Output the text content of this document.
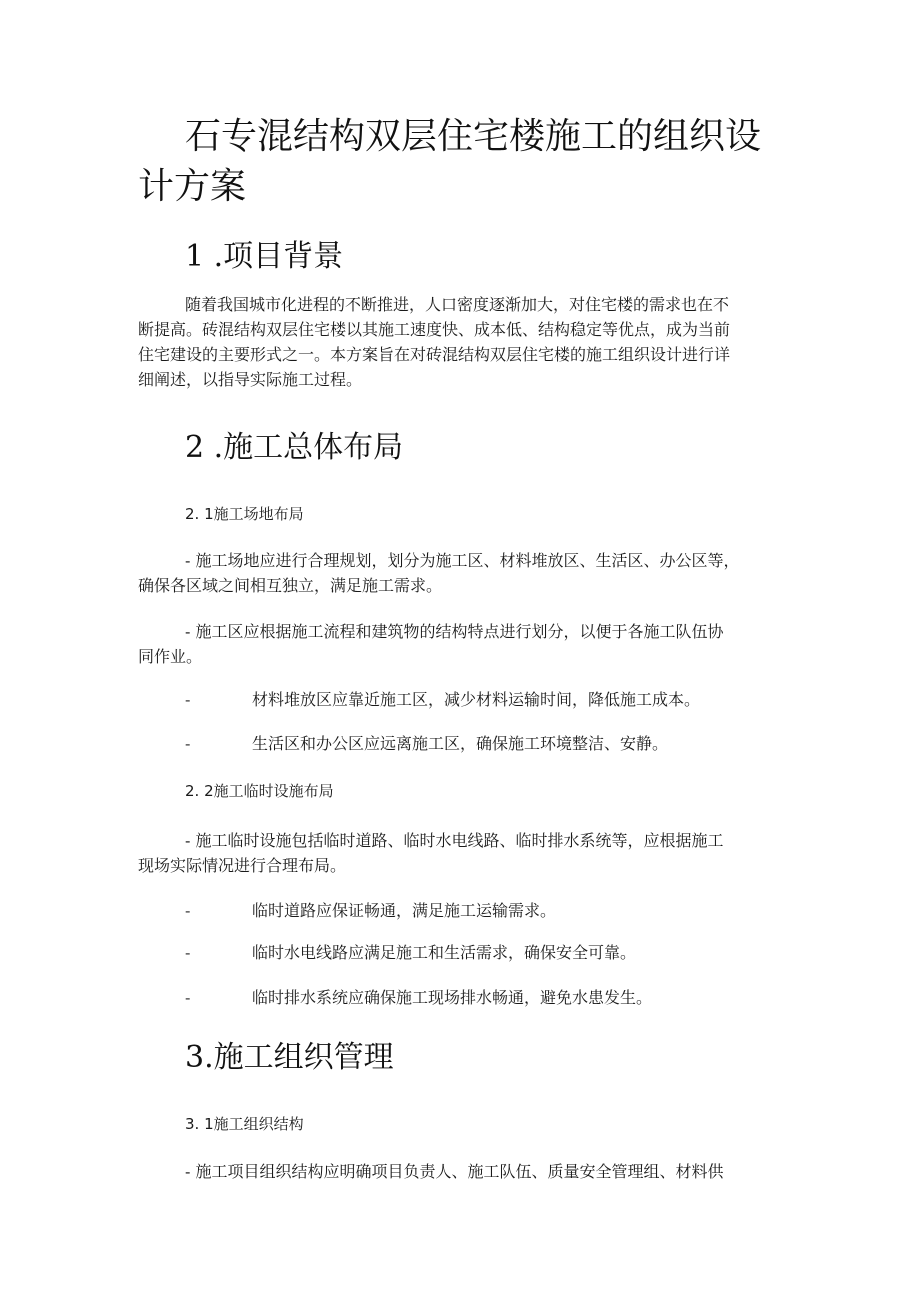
石专混结构双层住宅楼施工的组织设
计方案
1 .项目背景
随着我国城市化进程的不断推进，人口密度逐渐加大，对住宅楼的需求也在不
断提高。砖混结构双层住宅楼以其施工速度快、成本低、结构稳定等优点，成为当前
住宅建设的主要形式之一。本方案旨在对砖混结构双层住宅楼的施工组织设计进行详
细阐述，以指导实际施工过程。
2 .施工总体布局
2. 1施工场地布局
- 施工场地应进行合理规划，划分为施工区、材料堆放区、生活区、办公区等，
确保各区域之间相互独立，满足施工需求。
- 施工区应根据施工流程和建筑物的结构特点进行划分，以便于各施工队伍协
同作业。
-	材料堆放区应靠近施工区，减少材料运输时间，降低施工成本。
-	生活区和办公区应远离施工区，确保施工环境整洁、安静。
2. 2施工临时设施布局
- 施工临时设施包括临时道路、临时水电线路、临时排水系统等，应根据施工
现场实际情况进行合理布局。
-	临时道路应保证畅通，满足施工运输需求。
-	临时水电线路应满足施工和生活需求，确保安全可靠。
-	临时排水系统应确保施工现场排水畅通，避免水患发生。
3.施工组织管理
3. 1施工组织结构
- 施工项目组织结构应明确项目负责人、施工队伍、质量安全管理组、材料供
